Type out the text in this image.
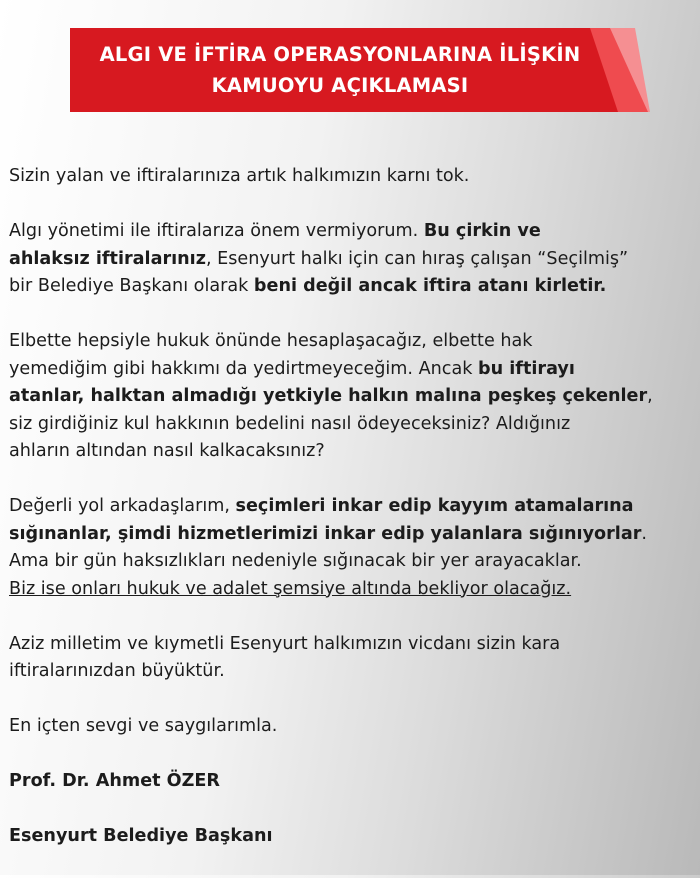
ALGI VE İFTİRA OPERASYONLARINA İLİŞKİN
KAMUOYU AÇIKLAMASI

Sizin yalan ve iftiralarınıza artık halkımızın karnı tok.

Algı yönetimi ile iftiralarıza önem vermiyorum. Bu çirkin ve
ahlaksız iftiralarınız, Esenyurt halkı için can hıraş çalışan “Seçilmiş”
bir Belediye Başkanı olarak beni değil ancak iftira atanı kirletir.

Elbette hepsiyle hukuk önünde hesaplaşacağız, elbette hak
yemediğim gibi hakkımı da yedirtmeyeceğim. Ancak bu iftirayı
atanlar, halktan almadığı yetkiyle halkın malına peşkeş çekenler,
siz girdiğiniz kul hakkının bedelini nasıl ödeyeceksiniz? Aldığınız
ahların altından nasıl kalkacaksınız?

Değerli yol arkadaşlarım, seçimleri inkar edip kayyım atamalarına
sığınanlar, şimdi hizmetlerimizi inkar edip yalanlara sığınıyorlar.
Ama bir gün haksızlıkları nedeniyle sığınacak bir yer arayacaklar.
Biz ise onları hukuk ve adalet şemsiye altında bekliyor olacağız.

Aziz milletim ve kıymetli Esenyurt halkımızın vicdanı sizin kara
iftiralarınızdan büyüktür.

En içten sevgi ve saygılarımla.

Prof. Dr. Ahmet ÖZER

Esenyurt Belediye Başkanı
